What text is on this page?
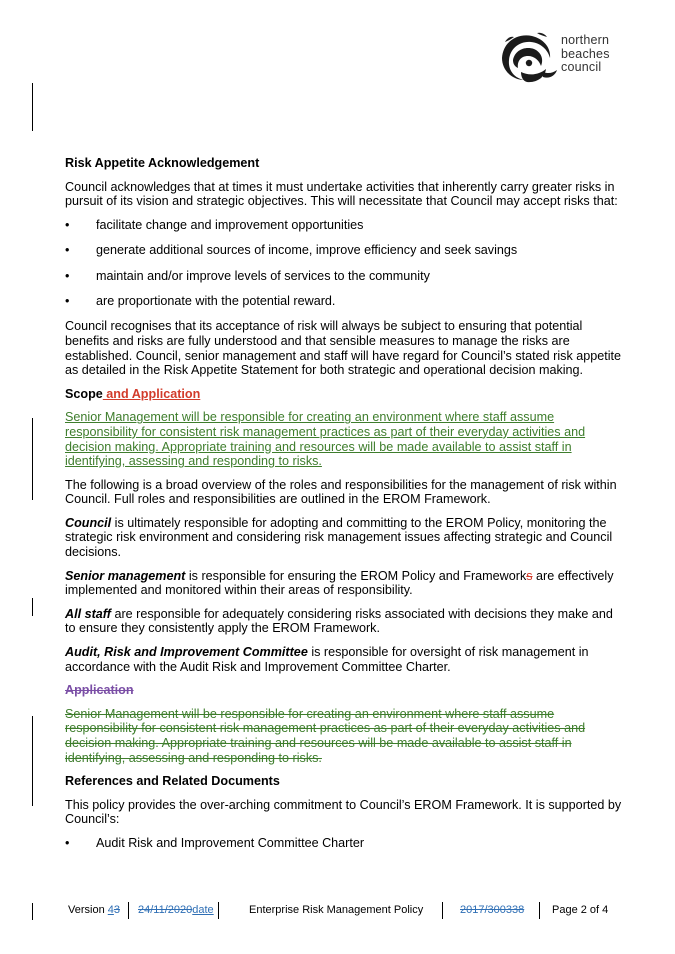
northern
beaches
council
Risk Appetite Acknowledgement

Council acknowledges that at times it must undertake activities that inherently carry greater risks in pursuit of its vision and strategic objectives. This will necessitate that Council may accept risks that:

• facilitate change and improvement opportunities
• generate additional sources of income, improve efficiency and seek savings
• maintain and/or improve levels of services to the community
• are proportionate with the potential reward.

Council recognises that its acceptance of risk will always be subject to ensuring that potential benefits and risks are fully understood and that sensible measures to manage the risks are established. Council, senior management and staff will have regard for Council’s stated risk appetite as detailed in the Risk Appetite Statement for both strategic and operational decision making.

Scope and Application

Senior Management will be responsible for creating an environment where staff assume responsibility for consistent risk management practices as part of their everyday activities and decision making. Appropriate training and resources will be made available to assist staff in identifying, assessing and responding to risks.

The following is a broad overview of the roles and responsibilities for the management of risk within Council. Full roles and responsibilities are outlined in the EROM Framework.

Council is ultimately responsible for adopting and committing to the EROM Policy, monitoring the strategic risk environment and considering risk management issues affecting strategic and Council decisions.

Senior management is responsible for ensuring the EROM Policy and Frameworks are effectively implemented and monitored within their areas of responsibility.

All staff are responsible for adequately considering risks associated with decisions they make and to ensure they consistently apply the EROM Framework.

Audit, Risk and Improvement Committee is responsible for oversight of risk management in accordance with the Audit Risk and Improvement Committee Charter.

Application

Senior Management will be responsible for creating an environment where staff assume responsibility for consistent risk management practices as part of their everyday activities and decision making. Appropriate training and resources will be made available to assist staff in identifying, assessing and responding to risks.

References and Related Documents

This policy provides the over-arching commitment to Council’s EROM Framework. It is supported by Council’s:

• Audit Risk and Improvement Committee Charter
Version 43 24/11/2020date	Enterprise Risk Management Policy	2017/300338	Page 2 of 4
